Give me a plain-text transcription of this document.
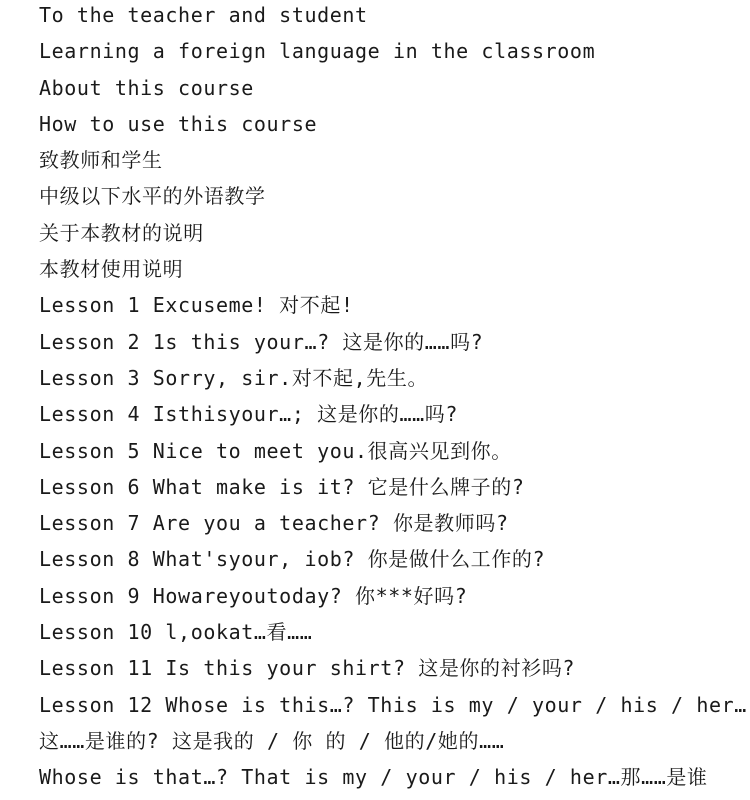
To the teacher and student
Learning a foreign language in the classroom
About this course
How to use this course
致教师和学生
中级以下水平的外语教学
关于本教材的说明
本教材使用说明
Lesson 1 Excuseme! 对不起!
Lesson 2 1s this your…? 这是你的……吗?
Lesson 3 Sorry, sir.对不起,先生。
Lesson 4 Isthisyour…; 这是你的……吗?
Lesson 5 Nice to meet you.很高兴见到你。
Lesson 6 What make is it? 它是什么牌子的?
Lesson 7 Are you a teacher? 你是教师吗?
Lesson 8 What'syour, iob? 你是做什么工作的?
Lesson 9 Howareyoutoday? 你***好吗?
Lesson 10 l,ookat…看……
Lesson 11 Is this your shirt? 这是你的衬衫吗?
Lesson 12 Whose is this…? This is my / your / his / her…
这……是谁的? 这是我的 / 你 的 / 他的/她的……
Whose is that…? That is my / your / his / her…那……是谁
